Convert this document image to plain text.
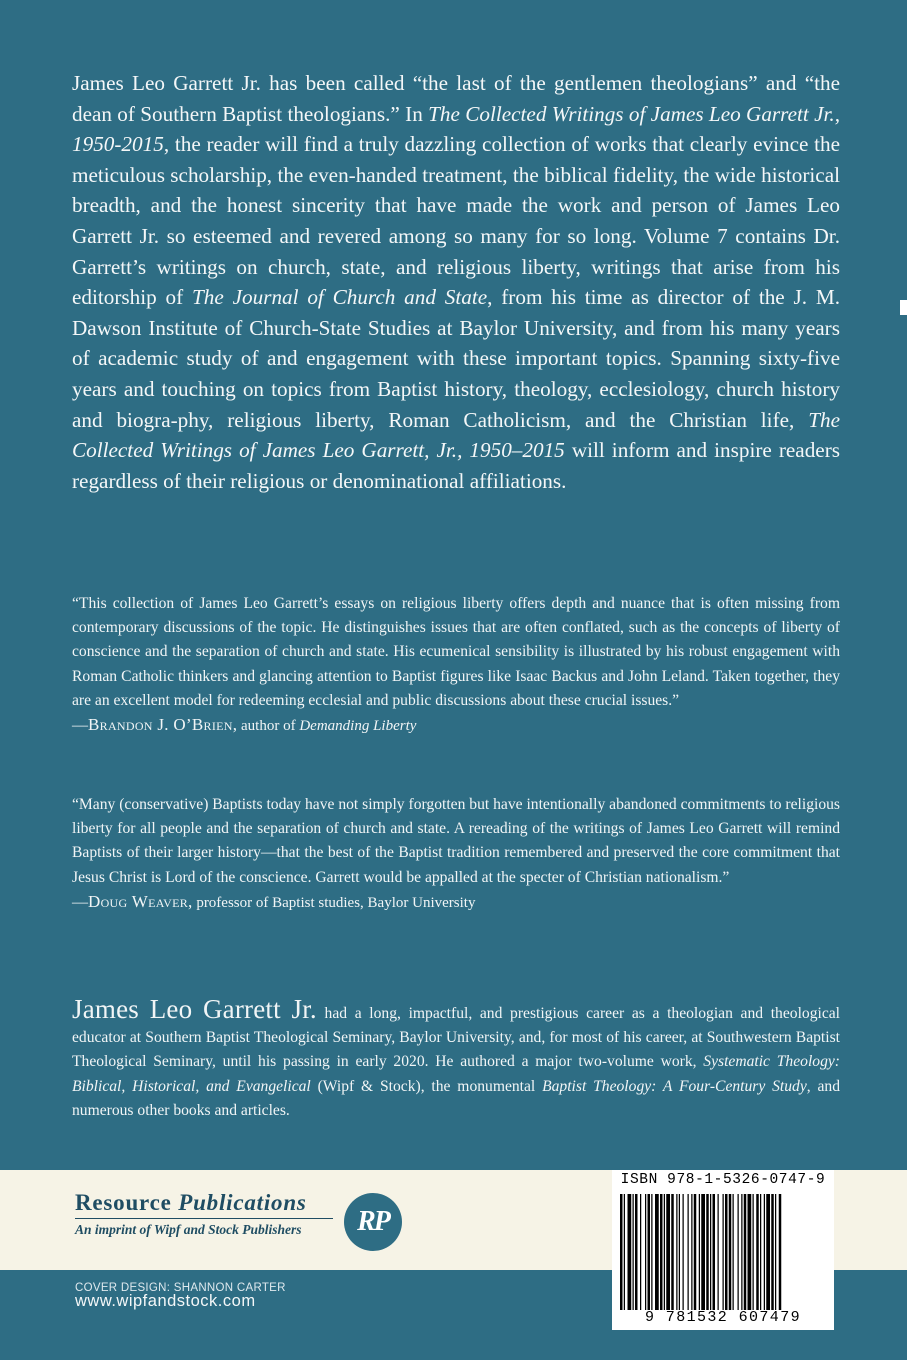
James Leo Garrett Jr. has been called “the last of the gentlemen theologians” and “the dean of Southern Baptist theologians.” In The Collected Writings of James Leo Garrett Jr., 1950-2015, the reader will find a truly dazzling collection of works that clearly evince the meticulous scholarship, the even-handed treatment, the biblical fidelity, the wide historical breadth, and the honest sincerity that have made the work and person of James Leo Garrett Jr. so esteemed and revered among so many for so long. Volume 7 contains Dr. Garrett’s writings on church, state, and religious liberty, writings that arise from his editorship of The Journal of Church and State, from his time as director of the J. M. Dawson Institute of Church-State Studies at Baylor University, and from his many years of academic study of and engagement with these important topics. Spanning sixty-five years and touching on topics from Baptist history, theology, ecclesiology, church history and biogra-phy, religious liberty, Roman Catholicism, and the Christian life, The Collected Writings of James Leo Garrett, Jr., 1950–2015 will inform and inspire readers regardless of their religious or denominational affiliations.
“This collection of James Leo Garrett’s essays on religious liberty offers depth and nuance that is often missing from contemporary discussions of the topic. He distinguishes issues that are often conflated, such as the concepts of liberty of conscience and the separation of church and state. His ecumenical sensibility is illustrated by his robust engagement with Roman Catholic thinkers and glancing attention to Baptist figures like Isaac Backus and John Leland. Taken together, they are an excellent model for redeeming ecclesial and public discussions about these crucial issues.”
—Brandon J. O’Brien, author of Demanding Liberty
“Many (conservative) Baptists today have not simply forgotten but have intentionally abandoned commitments to religious liberty for all people and the separation of church and state. A rereading of the writings of James Leo Garrett will remind Baptists of their larger history—that the best of the Baptist tradition remembered and preserved the core commitment that Jesus Christ is Lord of the conscience. Garrett would be appalled at the specter of Christian nationalism.”
—Doug Weaver, professor of Baptist studies, Baylor University
James Leo Garrett Jr. had a long, impactful, and prestigious career as a theologian and theological educator at Southern Baptist Theological Seminary, Baylor University, and, for most of his career, at Southwestern Baptist Theological Seminary, until his passing in early 2020. He authored a major two-volume work, Systematic Theology: Biblical, Historical, and Evangelical (Wipf & Stock), the monumental Baptist Theology: A Four-Century Study, and numerous other books and articles.
Resource Publications
An imprint of Wipf and Stock Publishers	RP
COVER DESIGN: SHANNON CARTER
www.wipfandstock.com
ISBN 978-1-5326-0747-9
9 781532 607479
